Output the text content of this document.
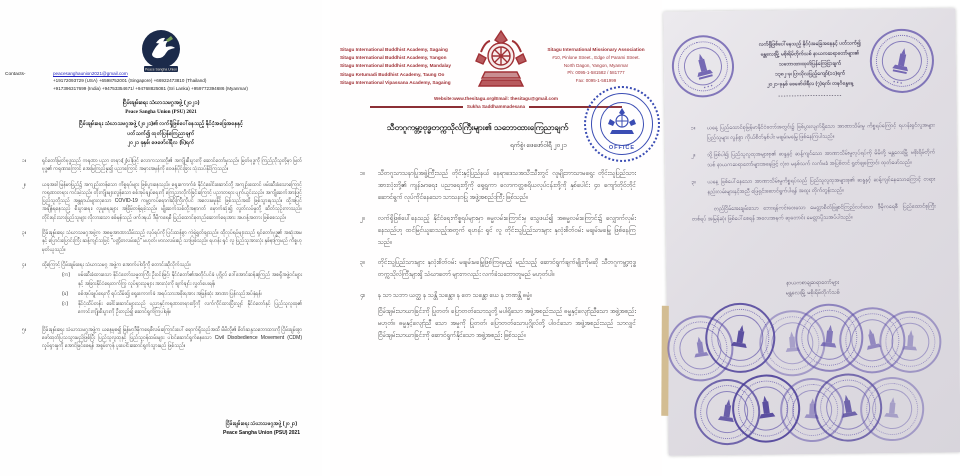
Peace Sangha Union
Contacts-	peacesanghaunion2021@gmail.com
+19172093729 (USA) +6598752001 (Singapore) +66922473810 (Thailand)
+917396317699 (India) +94753354671/ +94768825081 (Sri Lanka) +959772394686 (Myanmar)
ငြိမ်းချမ်းရေး သံဃာသမဂ္ဂအဖွဲ့ (၂၀၂၁)
Peace Sangha Union (PSU) 2021
ငြိမ်းချမ်းရေး သံဃာသမဂ္ဂအဖွဲ့ (၂၀၂၁)၏ လက်ရှိဖြစ်ပေါ်နေသည့် နိုင်ငံ့အခြေအနေနှင့်
ပတ်သက်၍ ထုတ်ပြန်ကြေညာချက်
၂၀၂၁ ခုနှစ်၊ ဖေဖော်ဝါရီလ (၆)ရက်
၁။	ရှင်တော်မြတ်ဗုဒ္ဓသည် ကရုဏာ ပညာ တရား(၂)ပါးဖြင့် လောကသားတို့၏ အကျိုးစီးပွားကို ဆောင်တော်မူသည်။ မြတ်ဗုဒ္ဓကို ကြည်ညိုသူတို့မှာ မြတ်ဗုဒ္ဓ၏ ကရုဏာကြောင့် အေးမြကြည်နူး၍ ပညာကြောင့် အမှားအမှန်ကို ဝေဖန်ပိုင်းခြား သုံးသပ်နိုင်ကြသည်။
၂။	ယခုအခါ မြန်မာပြည်၌ အကျည်းတန်သော ကိစ္စရပ်များ ဖြစ်ပွားနေသည်။ ရွေးကောက်ခံ နိုင်ငံ့ခေါင်းဆောင်တို့ အကျဉ်းထောင် ဖမ်းဆီးခံသောကြောင့် ကရုဏာတရား ကင်းမဲ့သည်။ တိုးကျိုးများလွန်သော စစ်အုပ်ချုပ်ရေးကို ကြေညာလိုက်ခြင်းကြောင့် ပညာတရား ပျက်ယွင်းသည်။ အကျိုးဆက်အားဖြင့် ပြည်သူတို့သည် အန္တရာယ်များလှသော COVID-19 ကမ္ဘာ့ကပ်ရောဂါဆိုးကြီးကိုပင် အလေးမမူနိုင် ဖြစ်သည်အထိ ဖြစ်သွားရသည်။ ထို့အပြင် အချိန်ရနေသည့် စီးပွားရေး၊ လူမှုရေးများ အခြိမ့်တန့်ရခဲ့သည်။ မျိုးဆက်သစ်တို့အနာဂတ် မှောက်ဆုံး၍ လွတ်လပ်မှုတို့ ဆိတ်သုဉ်းကာသည်။ တိုင်းရင်းသားပြည်သူများ လိုလားသော စစ်မှန်သည့် ဖက်ဒရယ် ဒီမိုကရေစီ ပြည်ထောင်စုတည်ဆောက်ရေးအား အဟန့်အတား ဖြစ်စေသည်။
၃။	ငြိမ်းချမ်းရေး သံဃာသမဂ္ဂအဖွဲ့က အဓမ္မအာဏာသိမ်းသည့် လုပ်ရပ်ကို ပြင်းထန်စွာ ကဲ့ရဲ့ရှုတ်ချသည်။ ထိုလုပ်ရပ်များသည် ရှင်တော်ဗုဒ္ဓ၏ အဆုံးအမနှင့် ပြောင်းပြောင်းကြီး ဆန့်ကျင်သဖြင့် "ပဏ္ဍိတလမ်းစဉ်" မဟုတ်၊ ဗာလလမ်းစဉ် သာဖြစ်သည်။ ရဟန်း ရှင် လူ ပြည်သူအားလုံး နှစ်နာကြမည် ကိစ္စဟု မှတ်ယူသည်။
၄။	ထို့ကြောင့် ငြိမ်းချမ်းရေး သံဃာသမဂ္ဂ အဖွဲ့က အောက်ပါတို့ကို တောင်းဆိုလိုက်သည်။
(က)	ဖမ်းဆီးခံထားသော နိုင်ငံတော်သမ္မတကြီး ဦးဝင်းမြင့်၊ နိုင်ငံတော်၏အတိုင်ပင်ခံ ပုဂ္ဂိုလ် ဒေါ်အောင်ဆန်းစုကြည် အစရှိအဖွဲ့ဝင်များနှင့် အခြားနိုင်ငံရေးတက်ကြွ လှုပ်ရှားသူများ အားလုံးကို ချက်ချင်း လွှတ်ပေးရန်၊
(ခ)	စစ်အုပ်ချုပ်ရေးကို ရုပ်သိမ်း၍ ရွေးကောက်ခံ အရပ်သားအစိုးရအား အမြန်ဆုံး အာဏာ ပြန်လည်အပ်နှံရန်၊
(ဂ)	နိုင်ငံ့ထိပ်တန်း ခေါင်းဆောင်များသည် ပညာနှင့်ကရုဏာတရားတို့ကို လက်ကိုင်ထားပြီးလျှင် နိုင်ငံတော်နှင့် ပြည်သူလူထု၏ ကောင်းကျိုးစီးပွားကို ဦးတည်၍ ဆောင်ရွက်ကြပါရန်။
၅။	ငြိမ်းချမ်းရေး သံဃာသမဂ္ဂအဖွဲ့က ယနေ့မှစ၍ မြန်မာ့ဒီမိုကရေစီလမ်းကြောင်းပေါ် ရောက်ရှိသည်အထိ မိမိတို့၏ စိတ်ဆန္ဒသဘောထားကို ငြိမ်းချမ်းစွာ ဖော်ထုတ်ပြသသွားမည်ဖြစ်ပြီး ပြည်သူလူထုနှင့် ပြည်သူ့ဝန်ထမ်းများ ပါဝင်ဆောင်ရွက်နေသော Civil Disobedience Movement (CDM) လှုပ်ရှားမှုကို အောင်မြင်စေရန် အစွမ်းကုန် ပူးပေါင်းဆောင်ရွက်သွားမည် ဖြစ်သည်။
ငြိမ်းချမ်းရေး သံဃာသမဂ္ဂအဖွဲ့ (၂၀၂၁)
Peace Sangha Union (PSU) 2021
Sitagu International Buddhist Academy, Sagaing
Sitagu International Buddhist Academy, Yangon
Sitagu International Buddhist Academy, Mandalay
Sitagu Ketumadi Buddhist Academy, Taung Oo
Sitagu International Vipassana Academy, Sagaing
Sitagu International Missionary Association
#10, Pinlone Street., Edge of Parami Street.
North Dagon, Yangon, Myanmar
Ph: 0095-1-581582 / 581777
Fax: 0095-1-581999
Website:www.thesitagu.org/Email: thesitagu@gmail.com
Sukha Saddhammadesana
သီတဂူကမ္ဘာ့ဗုဒ္ဓတက္ကသိုလ်ကြီးများ၏ သဘောထားကြေညာချက်
ရက်စွဲ၊ ဖေဖော်ဝါရီ ၂၀၂၁	OFFICE
၁။	သီတဂူသာသနာပြုအဖွဲ့ကြီးသည် တိုင်းနှင့်ပြည်နယ် နေရာဒေသအသီးသီးတွင် လူမျိုးဘာသာမရွေး တိုင်းသူပြည်သားအားလုံးတို့၏ ကျန်းမာရေး၊ ပညာရေးတို့ကို ရှေ့ရှုကာ လောကတ္တစရိယလုပ်ငန်းတို့ကို နှစ်ပေါင်း ၄၀ ကျော်တိုင်တိုင် ဆောင်ရွက် လုပ်ကိုင်နေသော သာသနာပြု အဖွဲ့အစည်းကြီး ဖြစ်သည်။
၂။	လက်ရှိဖြစ်ပေါ်နေသည့် နိုင်ငံရေးကိစ္စရပ်များမှာ ဓမ္မလမ်းကြောင်းမှ သွေဖယ်၍ အဓမ္မလမ်းကြောင်း၌ လျှောက်လှမ်းနေသည်ဟု ထင်မြင်ယူဆသည့်အတွက် ရဟန်း ရှင် လူ တိုင်းသူပြည်သားများ နှလုံးစိတ်ဝမ်း မချမ်းမမြေ့ ဖြစ်နေကြသည်။
၃။	တိုင်းသူပြည်သားများ နှလုံးစိတ်ဝမ်း မချမ်းမမြေ့ဖြစ်ကြရမည့် မည်သည့် ဆောင်ရွက်ချက်မျိုးကိုမဆို သီတဂူကမ္ဘာ့ဗုဒ္ဓတက္ကသိုလ်ကြီးများရှိ သံဃာတော် များကလည်း လက်ခံသဘောတူမည် မဟုတ်ပါ။
၄။	န သာ သဘာ ယတ္ထ န သန္တိ သန္တော၊ န တေ သန္တော ယေ န ဘဏန္တိ ဓမ္မံ။
ငြိမ်းချမ်းသာယာခြင်းကို ပြုတတ်၊ ပြောတတ်သောသူတို့ မပါရှိသော အဖွဲ့အစည်းသည် ဓမ္မနှင့်လျော်ညီသော အဖွဲ့အစည်းမဟုတ်။ ဓမ္မနှင့်လျော်ညီ သော အမှုကို ပြုတတ်၊ ပြောတတ်သောပုဂ္ဂိုလ်တို့ ပါဝင်သော အဖွဲ့အစည်းသည် သာလျှင် ငြိမ်းချမ်းသာယာခြင်းကို ဆောင်ရွက်နိုင်သော အဖွဲ့အစည်း ဖြစ်သည်။
⁕ ⁕ ⁕
⁕ ⁕ ⁕
လက်ရှိဖြစ်ပေါ်နေသည့် နိုင်ငံ့အခြေအနေနှင့် ပတ်သက်၍
မန္တလေးမြို့ မစိုးရိမ်တိုက်သစ် နာယကဆရာတော်များ၏
သဘောထားထုတ်ပြန်ကြေငြာချက်
၁၃၈၂-ခု၊ ပြာသိုလပြည့်ကျော်(၁၁)ရက်
၂၀၂၁-ခုနှစ် ဖေဖော်ဝါရီလ (၇)ရက်၊ တနင်္ဂနွေနေ့
------------------------
၁။	ယနေ့ ပြည်ထောင်စုမြန်မာနိုင်ငံတော်အတွင်း၌ ဖြစ်ပွားလျက်ရှိသော အာဏာသိမ်းမှု ကိစ္စရပ်ကြောင့် ရဟန်းရှင်လူအများပြည်သူများ လွန်စွာ ကိုယ်စိတ်နှစ်ပါး မချမ်းမမြေ့ ဖြစ်နေကြပါသည်။
၂။	သို့ဖြစ်ပါ၍ ပြည်သူလူထုအများစု၏ ဆန္ဒနှင့် ဆန့်ကျင်သော အာဏာသိမ်းမှုလုပ်ရပ်ကို မိမိတို့ မန္တလေးမြို့ မစိုးရိမ်တိုက်သစ် နာယကဆရာတော်များအနေဖြင့် လုံးဝ မနှစ်သက် လက်မခံ အပြစ်တင် ရှုတ်ချကြောင်း ထုတ်ဖော်သည်။
၃။	ယနေ့ ဖြစ်ပေါ်နေသော အာဏာသိမ်းမှုကိစ္စရပ်သည် ပြည်သူလူထုအများစု၏ ဆန္ဒနှင့် ဆန့်ကျင်နေသောကြောင့် တရားနည်းလမ်းများနှင့်အညီ ဖြေရှင်းဆောင်ရွက်ပါရန် အထူး တိုက်တွန်းသည်။
တည်ငြိမ်အေးချမ်းသော ဘေးရန်ကင်းဝေးသော မေတ္တာစိတ်ဖြူစင်ကြည်လင်သော ဒီမိုကရေစီ ပြည်ထောင်စုကြီးတစ်ရပ် အမြန်ဆုံး ဖြစ်ပေါ်စေရန် အလေးအနက် ဆုတောင်း မေတ္တာပို့သအပ်ပါသည်။
နာယကစာချဆရာတော်များ
မန္တလေးမြို့ မစိုးရိမ်တိုက်သစ်
